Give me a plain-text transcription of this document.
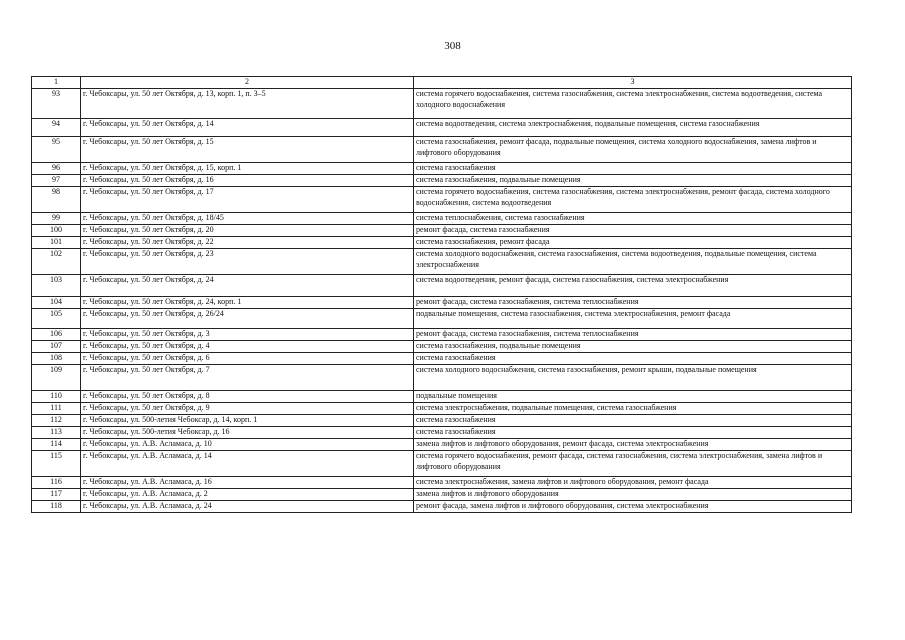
308
1	2	3
93	г. Чебоксары, ул. 50 лет Октября, д. 13, корп. 1, п. 3–5	система горячего водоснабжения, система газоснабжения, система электроснабжения, система водоотведения, система холодного водоснабжения
94	г. Чебоксары, ул. 50 лет Октября, д. 14	система водоотведения, система электроснабжения, подвальные помещения, система газоснабжения
95	г. Чебоксары, ул. 50 лет Октября, д. 15	система газоснабжения, ремонт фасада, подвальные помещения, система холодного водоснабжения, замена лифтов и лифтового оборудования
96	г. Чебоксары, ул. 50 лет Октября, д. 15, корп. 1	система газоснабжения
97	г. Чебоксары, ул. 50 лет Октября, д. 16	система газоснабжения, подвальные помещения
98	г. Чебоксары, ул. 50 лет Октября, д. 17	система горячего водоснабжения, система газоснабжения, система электроснабжения, ремонт фасада, система холодного водоснабжения, система водоотведения
99	г. Чебоксары, ул. 50 лет Октября, д. 18/45	система теплоснабжения, система газоснабжения
100	г. Чебоксары, ул. 50 лет Октября, д. 20	ремонт фасада, система газоснабжения
101	г. Чебоксары, ул. 50 лет Октября, д. 22	система газоснабжения, ремонт фасада
102	г. Чебоксары, ул. 50 лет Октября, д. 23	система холодного водоснабжения, система газоснабжения, система водоотведения, подвальные помещения, система электроснабжения
103	г. Чебоксары, ул. 50 лет Октября, д. 24	система водоотведения, ремонт фасада, система газоснабжения, система электроснабжения
104	г. Чебоксары, ул. 50 лет Октября, д. 24, корп. 1	ремонт фасада, система газоснабжения, система теплоснабжения
105	г. Чебоксары, ул. 50 лет Октября, д. 26/24	подвальные помещения, система газоснабжения, система электроснабжения, ремонт фасада
106	г. Чебоксары, ул. 50 лет Октября, д. 3	ремонт фасада, система газоснабжения, система теплоснабжения
107	г. Чебоксары, ул. 50 лет Октября, д. 4	система газоснабжения, подвальные помещения
108	г. Чебоксары, ул. 50 лет Октября, д. 6	система газоснабжения
109	г. Чебоксары, ул. 50 лет Октября, д. 7	система холодного водоснабжения, система газоснабжения, ремонт крыши, подвальные помещения
110	г. Чебоксары, ул. 50 лет Октября, д. 8	подвальные помещения
111	г. Чебоксары, ул. 50 лет Октября, д. 9	система электроснабжения, подвальные помещения, система газоснабжения
112	г. Чебоксары, ул. 500-летия Чебоксар, д. 14, корп. 1	система газоснабжения
113	г. Чебоксары, ул. 500-летия Чебоксар, д. 16	система газоснабжения
114	г. Чебоксары, ул. А.В. Асламаса, д. 10	замена лифтов и лифтового оборудования, ремонт фасада, система электроснабжения
115	г. Чебоксары, ул. А.В. Асламаса, д. 14	система горячего водоснабжения, ремонт фасада, система газоснабжения, система электроснабжения, замена лифтов и лифтового оборудования
116	г. Чебоксары, ул. А.В. Асламаса, д. 16	система электроснабжения, замена лифтов и лифтового оборудования, ремонт фасада
117	г. Чебоксары, ул. А.В. Асламаса, д. 2	замена лифтов и лифтового оборудования
118	г. Чебоксары, ул. А.В. Асламаса, д. 24	ремонт фасада, замена лифтов и лифтового оборудования, система электроснабжения
